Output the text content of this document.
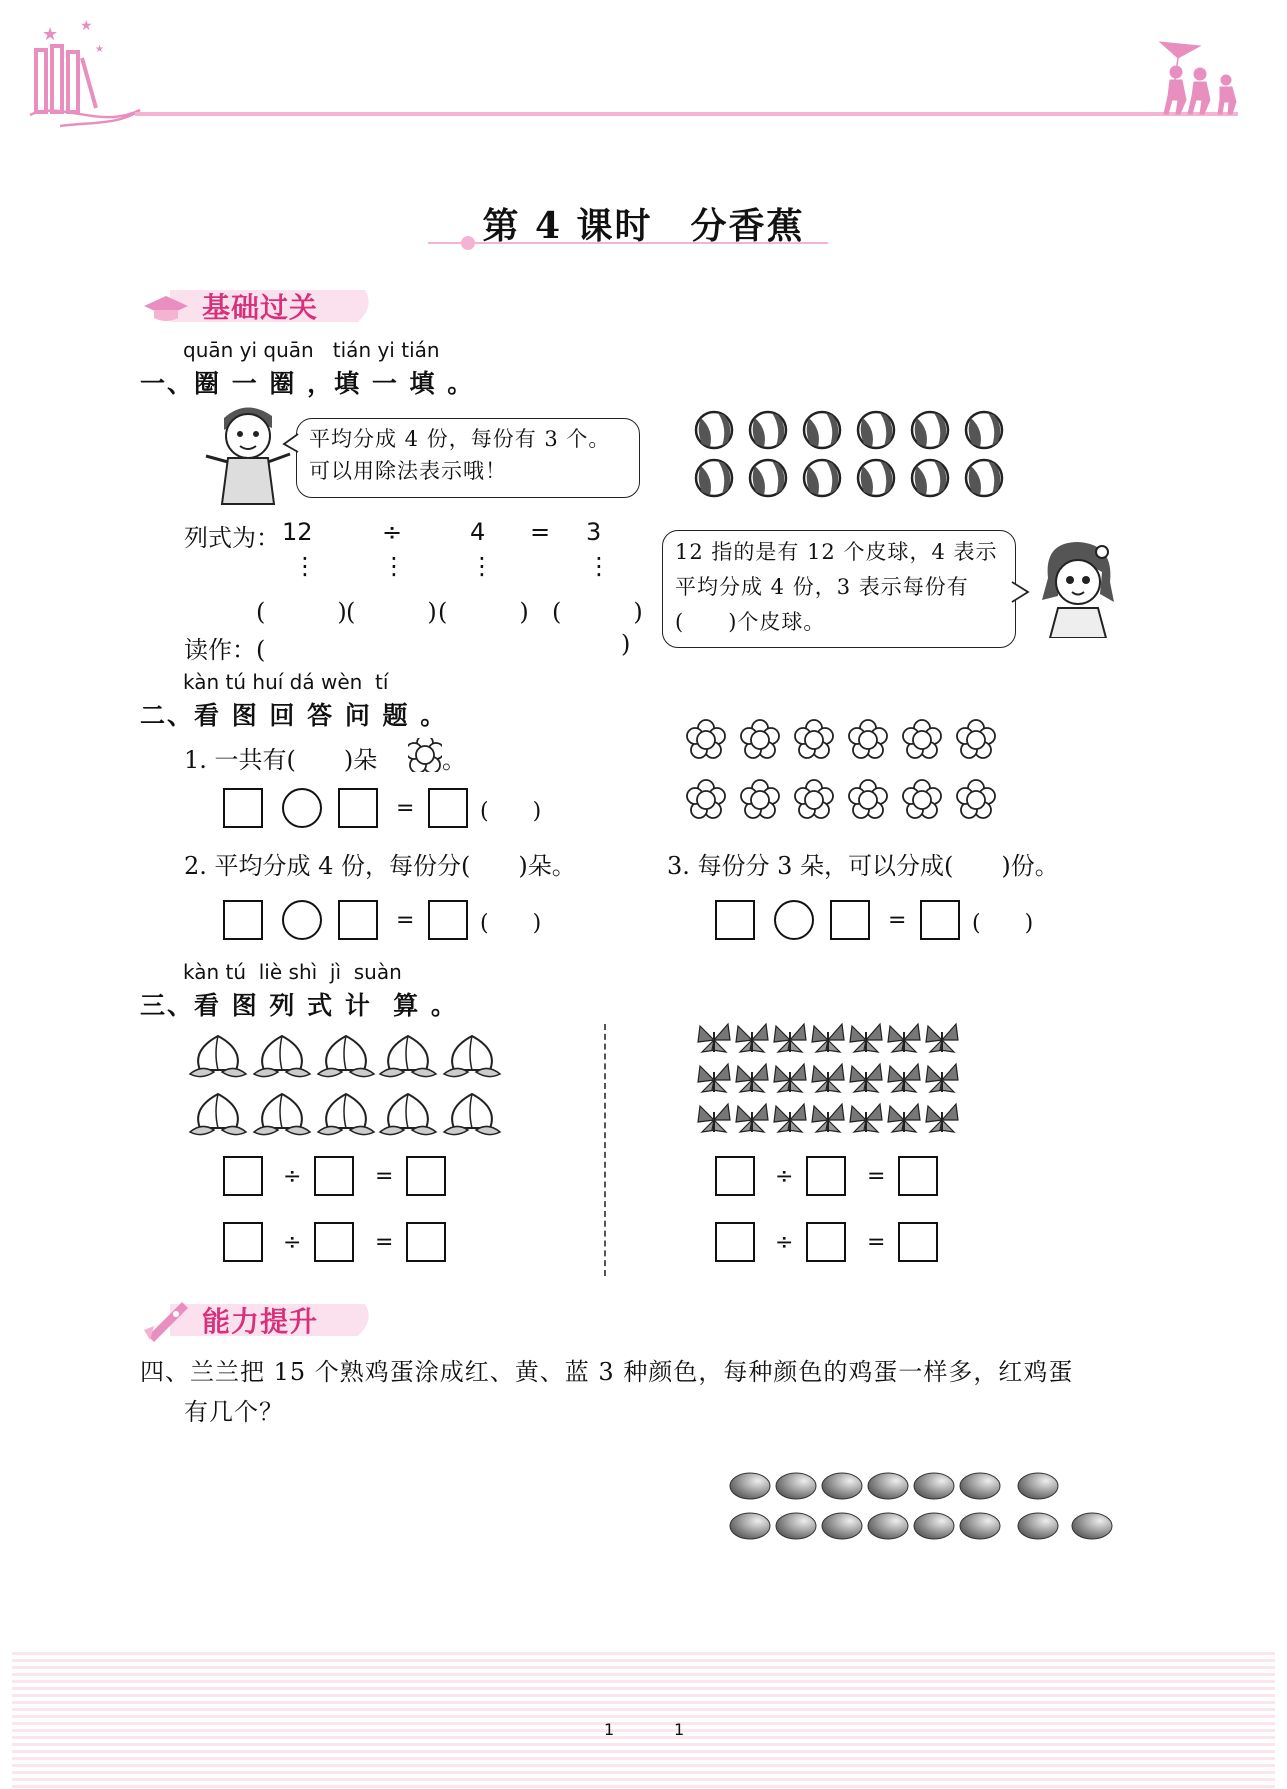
★ ★
★
第 4 课时　分香蕉
基础过关
quān yi quān   tián yi tián
一、圈 一 圈 ，填 一 填 。
平均分成 4 份，每份有 3 个。
可以用除法表示哦！
列式为： 12	÷	4 = 3
⋮	⋮	⋮	⋮
(　　　) (　　　) (　　　) (　　　)
读作：(	)
12 指的是有 12 个皮球，4 表示平均分成 4 份，3 表示每份有(　　)个皮球。
kàn tú huí dá wèn  tí
二、看 图 回 答 问 题 。
1. 一共有(　　)朵	。
=	(　　)
2. 平均分成 4 份，每份分(　　)朵。	3. 每份分 3 朵，可以分成(　　)份。
=	(　　)	=	(　　)
kàn tú  liè shì  jì  suàn
三、看 图 列 式 计  算 。
÷	=
÷	=
÷	=
÷	=
能力提升
四、兰兰把 15 个熟鸡蛋涂成红、黄、蓝 3 种颜色，每种颜色的鸡蛋一样多，红鸡蛋
有几个？
1	1
